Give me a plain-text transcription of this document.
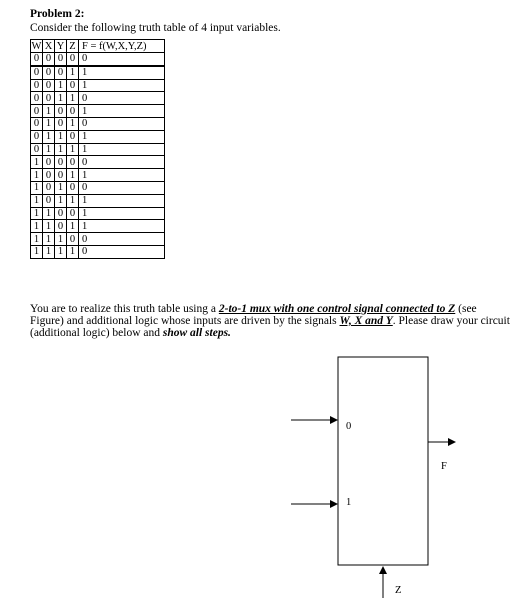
Problem 2:
Consider the following truth table of 4 input variables.
W	X	Y	Z	F = f(W,X,Y,Z)
0	0	0	0	0
0	0	0	1	1
0	0	1	0	1
0	0	1	1	0
0	1	0	0	1
0	1	0	1	0
0	1	1	0	1
0	1	1	1	1
1	0	0	0	0
1	0	0	1	1
1	0	1	0	0
1	0	1	1	1
1	1	0	0	1
1	1	0	1	1
1	1	1	0	0
1	1	1	1	0
You are to realize this truth table using a 2-to-1 mux with one control signal connected to Z (see Figure) and additional logic whose inputs are driven by the signals W, X and Y. Please draw your circuit (additional logic) below and show all steps.
0
1
F
Z
